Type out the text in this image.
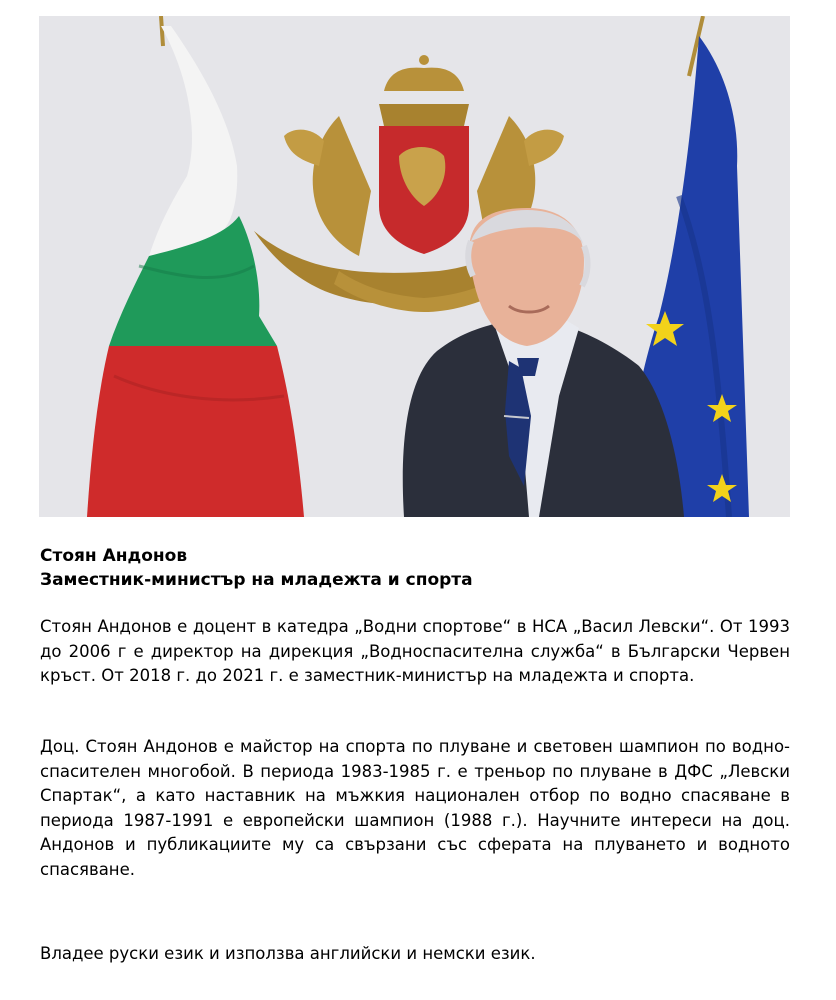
СЪЕДИНЕНИЕТО ПРАВИ СИЛАТА
Стоян Андонов
Заместник-министър на младежта и спорта

Стоян Андонов е доцент в катедра „Водни спортове“ в НСА „Васил Левски“. От 1993 до 2006 г е директор на дирекция „Водноспасителна служба“ в Български Червен кръст. От 2018 г. до 2021 г. е заместник-министър на младежта и спорта.

Доц. Стоян Андонов е майстор на спорта по плуване и световен шампион по водно-спасителен многобой. В периода 1983-1985 г. е треньор по плуване в ДФС „Левски Спартак“, а като наставник на мъжкия национален отбор по водно спасяване в периода 1987-1991 е европейски шампион (1988 г.). Научните интереси на доц. Андонов и публикациите му са свързани със сферата на плуването и водното спасяване.

Владее руски език и използва английски и немски език.
